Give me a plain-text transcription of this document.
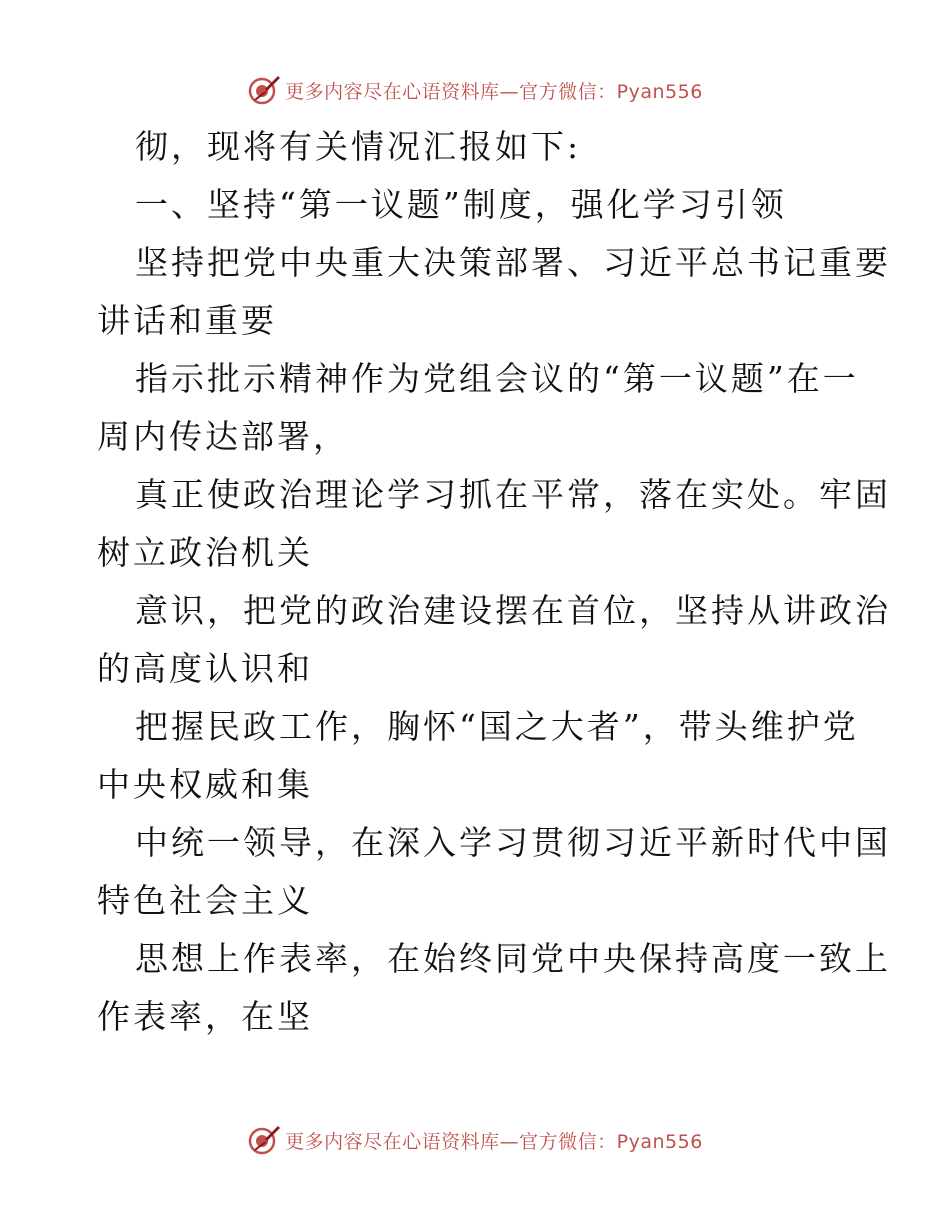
更多内容尽在心语资料库—官方微信：Pyan556
彻，现将有关情况汇报如下:
一、坚持“第一议题”制度，强化学习引领
坚持把党中央重大决策部署、习近平总书记重要
讲话和重要
指示批示精神作为党组会议的“第一议题”在一
周内传达部署，
真正使政治理论学习抓在平常，落在实处。牢固
树立政治机关
意识，把党的政治建设摆在首位，坚持从讲政治
的高度认识和
把握民政工作，胸怀“国之大者”，带头维护党
中央权威和集
中统一领导，在深入学习贯彻习近平新时代中国
特色社会主义
思想上作表率，在始终同党中央保持高度一致上
作表率，在坚
更多内容尽在心语资料库—官方微信：Pyan556
